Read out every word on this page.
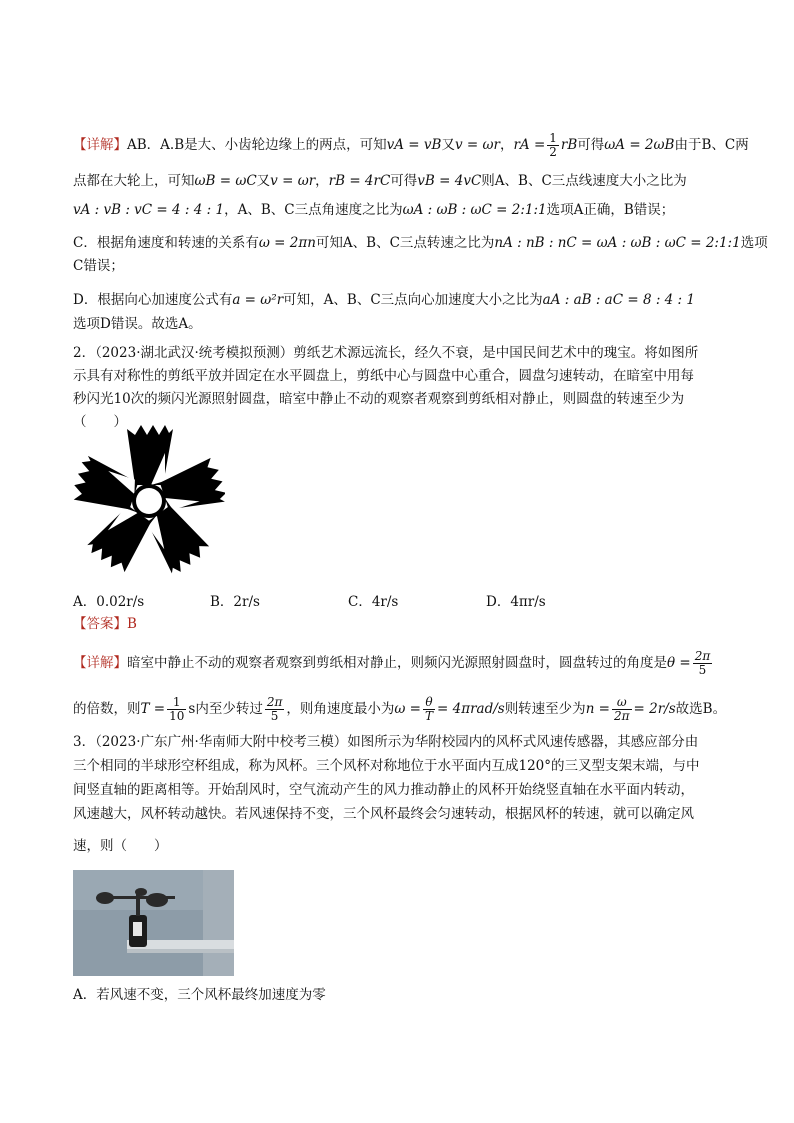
【详解】AB．A.B是大、小齿轮边缘上的两点，可知vA = vB又v = ωr，rA = $\frac{1}{2}$ rB可得ωA = 2ωB由于B、C两
点都在大轮上，可知ωB = ωC又v = ωr，rB = 4rC可得vB = 4vC则A、B、C三点线速度大小之比为
vA : vB : vC = 4 : 4 : 1，A、B、C三点角速度之比为ωA : ωB : ωC = 2:1:1选项A正确，B错误；
C．根据角速度和转速的关系有ω = 2πn可知A、B、C三点转速之比为nA : nB : nC = ωA : ωB : ωC = 2:1:1选项
C错误；
D．根据向心加速度公式有a = ω²r可知，A、B、C三点向心加速度大小之比为aA : aB : aC = 8 : 4 : 1
选项D错误。故选A。
2．（2023·湖北武汉·统考模拟预测）剪纸艺术源远流长，经久不衰，是中国民间艺术中的瑰宝。将如图所
示具有对称性的剪纸平放并固定在水平圆盘上，剪纸中心与圆盘中心重合，圆盘匀速转动，在暗室中用每
秒闪光10次的频闪光源照射圆盘，暗室中静止不动的观察者观察到剪纸相对静止，则圆盘的转速至少为
（　　）
A．0.02r/s	B．2r/s	C．4r/s	D．4πr/s
【答案】B
【详解】暗室中静止不动的观察者观察到剪纸相对静止，则频闪光源照射圆盘时，圆盘转过的角度是$\theta = \frac{2\pi}{5}$
的倍数，则$T = \frac{1}{10}$ s内至少转过 $\frac{2\pi}{5}$ ，则角速度最小为$\omega = \frac{\theta}{T} = 4\pi rad/s$则转速至少为$n = \frac{\omega}{2\pi} = 2r/s$故选B。
3．（2023·广东广州·华南师大附中校考三模）如图所示为华附校园内的风杯式风速传感器，其感应部分由
三个相同的半球形空杯组成，称为风杯。三个风杯对称地位于水平面内互成120°的三叉型支架末端，与中
间竖直轴的距离相等。开始刮风时，空气流动产生的风力推动静止的风杯开始绕竖直轴在水平面内转动，
风速越大，风杯转动越快。若风速保持不变，三个风杯最终会匀速转动，根据风杯的转速，就可以确定风
速，则（　　）
A．若风速不变，三个风杯最终加速度为零
